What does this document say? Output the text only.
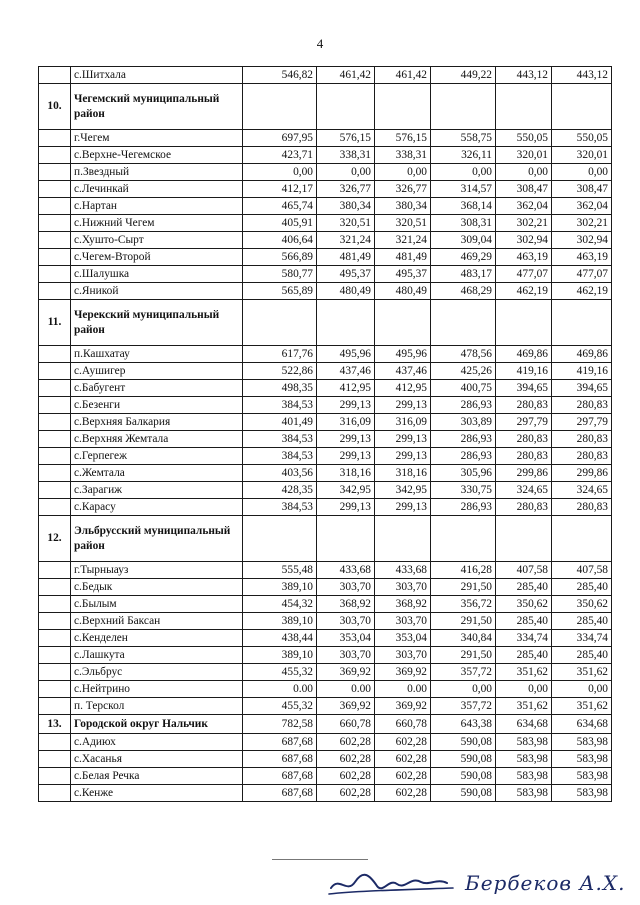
4
	с.Шитхала	546,82	461,42	461,42	449,22	443,12	443,12
10.	Чегемский муниципальный район						
	г.Чегем	697,95	576,15	576,15	558,75	550,05	550,05
	с.Верхне-Чегемское	423,71	338,31	338,31	326,11	320,01	320,01
	п.Звездный	0,00	0,00	0,00	0,00	0,00	0,00
	с.Лечинкай	412,17	326,77	326,77	314,57	308,47	308,47
	с.Нартан	465,74	380,34	380,34	368,14	362,04	362,04
	с.Нижний Чегем	405,91	320,51	320,51	308,31	302,21	302,21
	с.Хушто-Сырт	406,64	321,24	321,24	309,04	302,94	302,94
	с.Чегем-Второй	566,89	481,49	481,49	469,29	463,19	463,19
	с.Шалушка	580,77	495,37	495,37	483,17	477,07	477,07
	с.Яникой	565,89	480,49	480,49	468,29	462,19	462,19
11.	Черекский муниципальный район						
	п.Кашхатау	617,76	495,96	495,96	478,56	469,86	469,86
	с.Аушигер	522,86	437,46	437,46	425,26	419,16	419,16
	с.Бабугент	498,35	412,95	412,95	400,75	394,65	394,65
	с.Безенги	384,53	299,13	299,13	286,93	280,83	280,83
	с.Верхняя Балкария	401,49	316,09	316,09	303,89	297,79	297,79
	с.Верхняя Жемтала	384,53	299,13	299,13	286,93	280,83	280,83
	с.Герпегеж	384,53	299,13	299,13	286,93	280,83	280,83
	с.Жемтала	403,56	318,16	318,16	305,96	299,86	299,86
	с.Зарагиж	428,35	342,95	342,95	330,75	324,65	324,65
	с.Карасу	384,53	299,13	299,13	286,93	280,83	280,83
12.	Эльбрусский муниципальный район						
	г.Тырныауз	555,48	433,68	433,68	416,28	407,58	407,58
	с.Бедык	389,10	303,70	303,70	291,50	285,40	285,40
	с.Былым	454,32	368,92	368,92	356,72	350,62	350,62
	с.Верхний Баксан	389,10	303,70	303,70	291,50	285,40	285,40
	с.Кенделен	438,44	353,04	353,04	340,84	334,74	334,74
	с.Лашкута	389,10	303,70	303,70	291,50	285,40	285,40
	с.Эльбрус	455,32	369,92	369,92	357,72	351,62	351,62
	с.Нейтрино	0.00	0.00	0.00	0,00	0,00	0,00
	п. Терскол	455,32	369,92	369,92	357,72	351,62	351,62
13.	Городской округ Нальчик	782,58	660,78	660,78	643,38	634,68	634,68
	с.Адиюх	687,68	602,28	602,28	590,08	583,98	583,98
	с.Хасанья	687,68	602,28	602,28	590,08	583,98	583,98
	с.Белая Речка	687,68	602,28	602,28	590,08	583,98	583,98
	с.Кенже	687,68	602,28	602,28	590,08	583,98	583,98
Бербеков А.Х.
